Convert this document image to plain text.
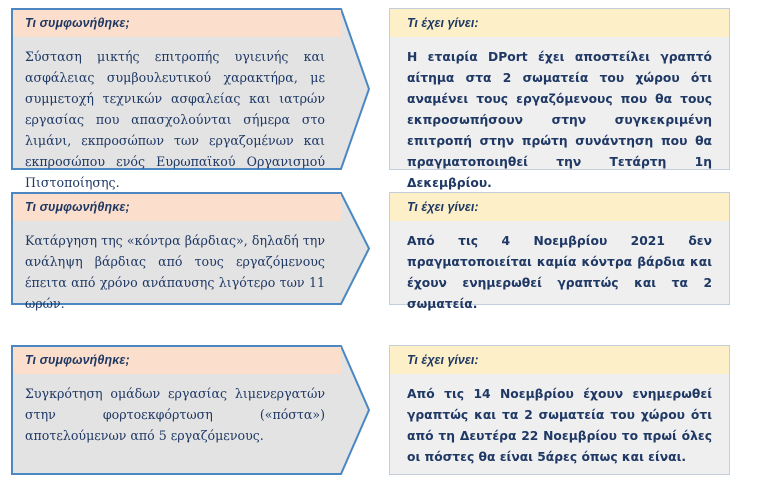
Τι συμφωνήθηκε;
Σύσταση μικτής επιτροπής υγιεινής και ασφάλειας συμβουλευτικού χαρακτήρα, με συμμετοχή τεχνικών ασφαλείας και ιατρών εργασίας που απασχολούνται σήμερα στο λιμάνι, εκπροσώπων των εργαζομένων και εκπροσώπου ενός Ευρωπαϊκού Οργανισμού Πιστοποίησης.
Τι έχει γίνει:
Η εταιρία DPort έχει αποστείλει γραπτό αίτημα στα 2 σωματεία του χώρου ότι αναμένει τους εργαζόμενους που θα τους εκπροσωπήσουν στην συγκεκριμένη επιτροπή στην πρώτη συνάντηση που θα πραγματοποιηθεί την Τετάρτη 1η Δεκεμβρίου.
Τι συμφωνήθηκε;
Κατάργηση της «κόντρα βάρδιας», δηλαδή την ανάληψη βάρδιας από τους εργαζόμενους έπειτα από χρόνο ανάπαυσης λιγότερο των 11 ωρών.
Τι έχει γίνει:
Από τις 4 Νοεμβρίου 2021 δεν πραγματοποιείται καμία κόντρα βάρδια και έχουν ενημερωθεί γραπτώς και τα 2 σωματεία.
Τι συμφωνήθηκε;
Συγκρότηση ομάδων εργασίας λιμενεργατών στην φορτοεκφόρτωση («πόστα») αποτελούμενων από 5 εργαζόμενους.
Τι έχει γίνει:
Από τις 14 Νοεμβρίου έχουν ενημερωθεί γραπτώς και τα 2 σωματεία του χώρου ότι από τη Δευτέρα 22 Νοεμβρίου το πρωί όλες οι πόστες θα είναι 5άρες όπως και είναι.
